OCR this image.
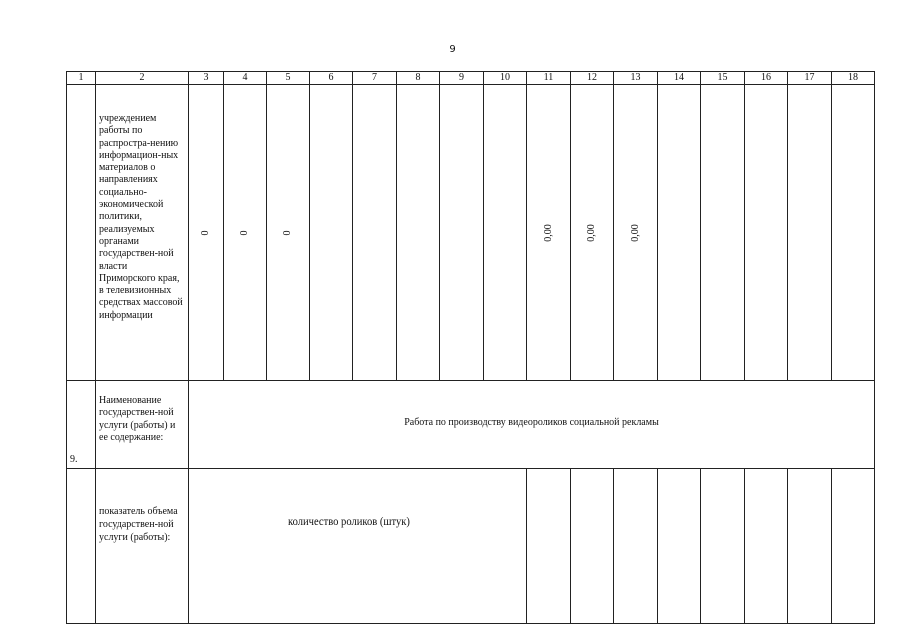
9
1	2	3	4	5	6	7	8	9	10	11	12	13	14	15	16	17	18

	учреждением работы по распростра-нению информацион-ных материалов о направлениях социально-экономической политики, реализуемых органами государствен-ной власти Приморского края, в телевизионных средствах массовой информации	0	0	0						0,00	0,00	0,00					

9.	Наименование государствен-ной услуги (работы) и ее содержание:	Работа по производству видеороликов социальной рекламы															

	показатель объема государствен-ной услуги (работы):	количество роликов (штук)															
